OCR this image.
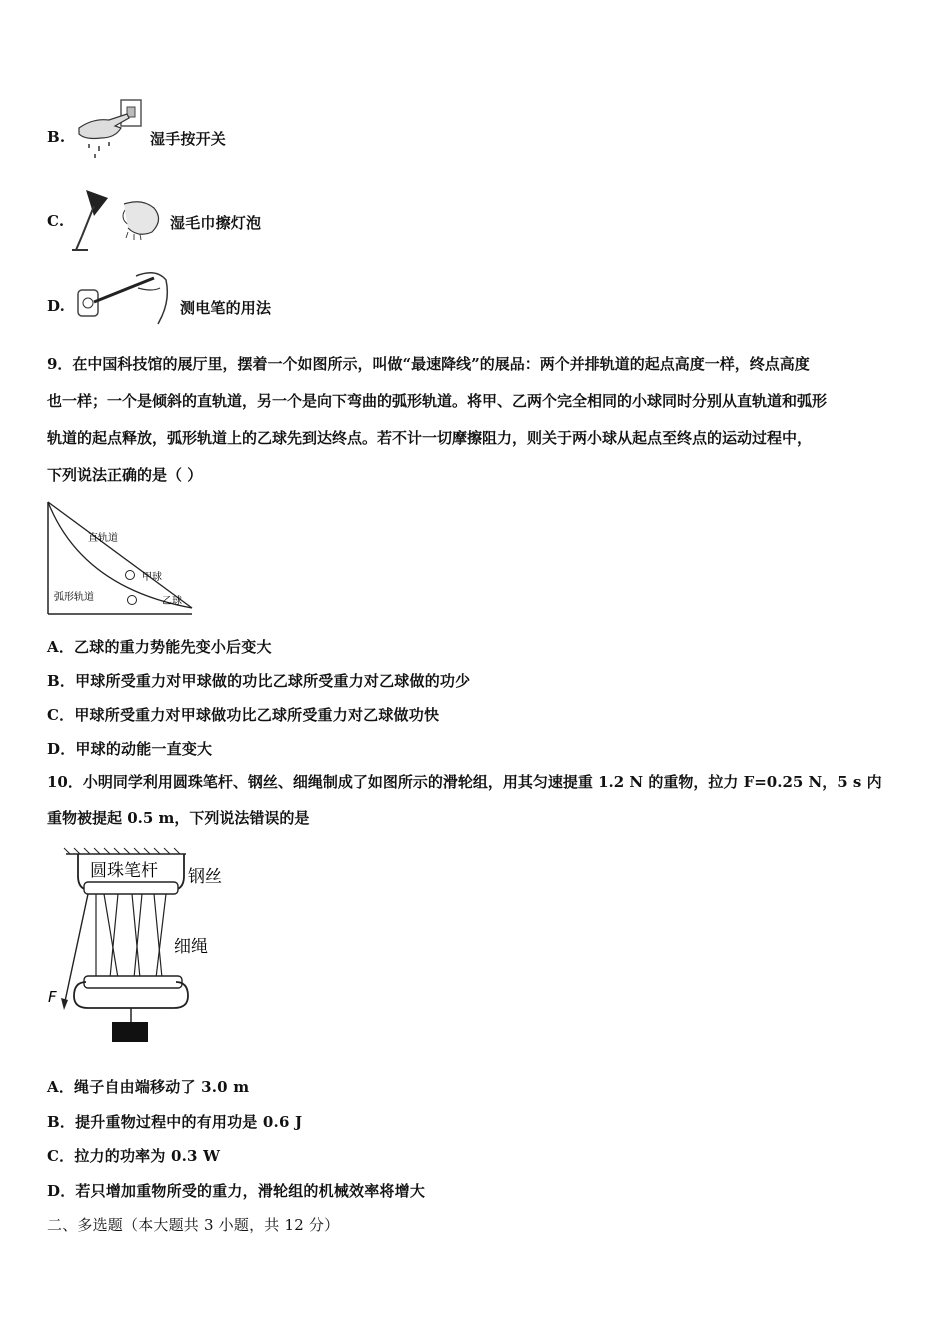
B.	湿手按开关
C.	湿毛巾擦灯泡
D.	测电笔的用法
9．在中国科技馆的展厅里，摆着一个如图所示，叫做“最速降线”的展品：两个并排轨道的起点高度一样，终点高度
也一样；一个是倾斜的直轨道，另一个是向下弯曲的弧形轨道。将甲、乙两个完全相同的小球同时分别从直轨道和弧形
轨道的起点释放，弧形轨道上的乙球先到达终点。若不计一切摩擦阻力，则关于两小球从起点至终点的运动过程中，
下列说法正确的是（ ）
直轨道
甲球
弧形轨道	乙球
A．乙球的重力势能先变小后变大
B．甲球所受重力对甲球做的功比乙球所受重力对乙球做的功少
C．甲球所受重力对甲球做功比乙球所受重力对乙球做功快
D．甲球的动能一直变大
10．小明同学利用圆珠笔杆、钢丝、细绳制成了如图所示的滑轮组，用其匀速提重 1.2 N 的重物，拉力 F=0.25 N，5 s 内
重物被提起 0.5 m，下列说法错误的是
圆珠笔杆 钢丝
细绳
F
A．绳子自由端移动了 3.0 m
B．提升重物过程中的有用功是 0.6 J
C．拉力的功率为 0.3 W
D．若只增加重物所受的重力，滑轮组的机械效率将增大
二、多选题（本大题共 3 小题，共 12 分）
